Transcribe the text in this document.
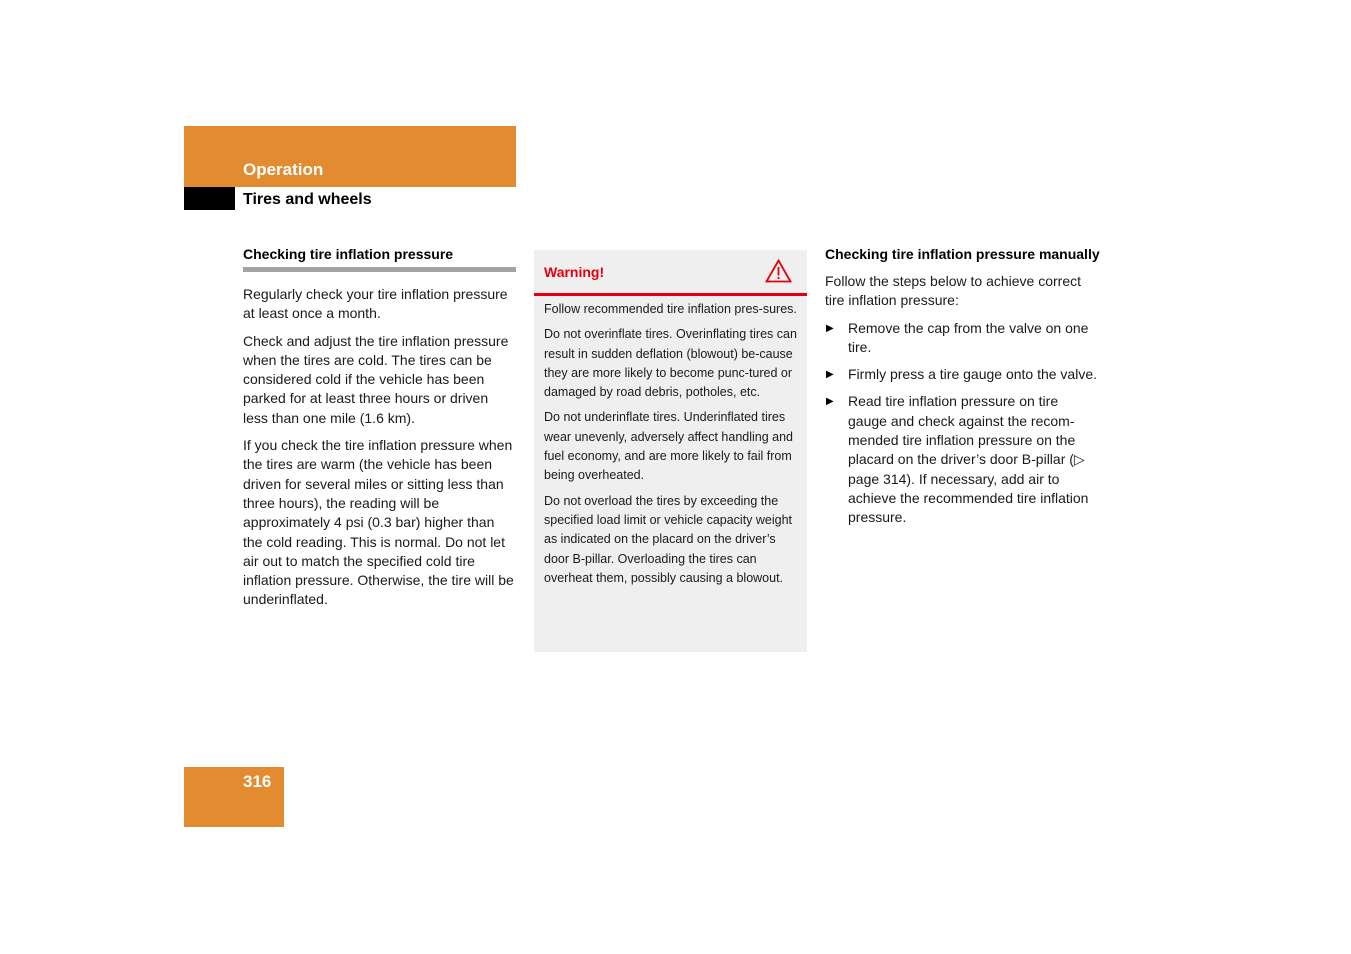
Operation
Tires and wheels
Checking tire inflation pressure

Regularly check your tire inflation pressure at least once a month.

Check and adjust the tire inflation pressure when the tires are cold. The tires can be considered cold if the vehicle has been parked for at least three hours or driven less than one mile (1.6 km).

If you check the tire inflation pressure when the tires are warm (the vehicle has been driven for several miles or sitting less than three hours), the reading will be approximately 4 psi (0.3 bar) higher than the cold reading. This is normal. Do not let air out to match the specified cold tire inflation pressure. Otherwise, the tire will be underinflated.

Warning!

Follow recommended tire inflation pres-sures.

Do not overinflate tires. Overinflating tires can result in sudden deflation (blowout) be-cause they are more likely to become punc-tured or damaged by road debris, potholes, etc.

Do not underinflate tires. Underinflated tires wear unevenly, adversely affect handling and fuel economy, and are more likely to fail from being overheated.

Do not overload the tires by exceeding the specified load limit or vehicle capacity weight as indicated on the placard on the driver’s door B-pillar. Overloading the tires can overheat them, possibly causing a blowout.

Checking tire inflation pressure manually

Follow the steps below to achieve correct tire inflation pressure:

▶ Remove the cap from the valve on one tire.
▶ Firmly press a tire gauge onto the valve.
▶ Read tire inflation pressure on tire gauge and check against the recom-mended tire inflation pressure on the placard on the driver’s door B-pillar (▷ page 314). If necessary, add air to achieve the recommended tire inflation pressure.
316
